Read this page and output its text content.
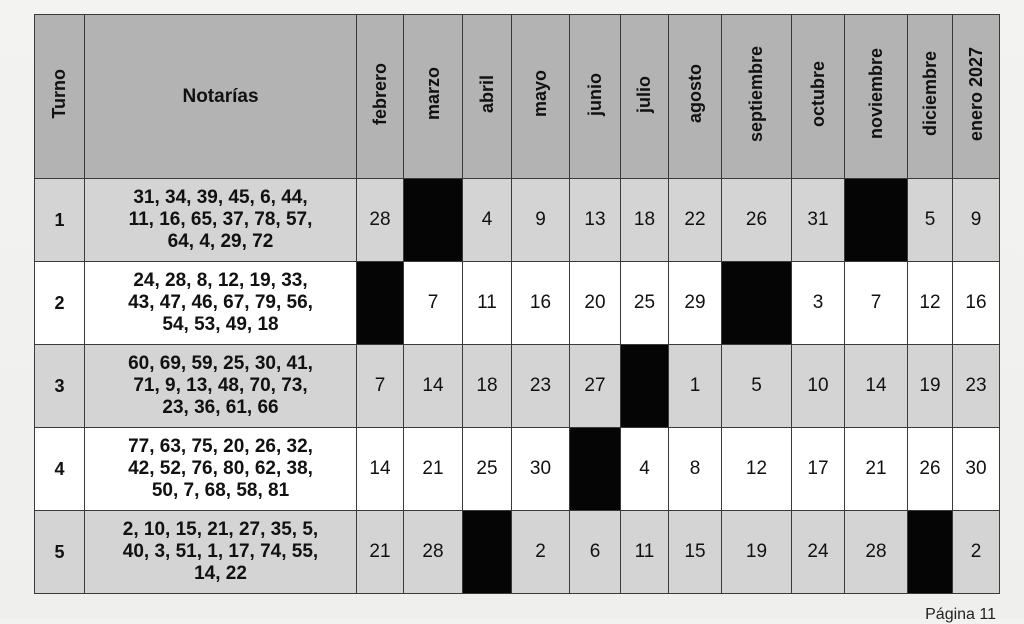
Turno	Notarías	febrero	marzo	abril	mayo	junio	julio	agosto	septiembre	octubre	noviembre	diciembre	enero 2027
1	31, 34, 39, 45, 6, 44,
11, 16, 65, 37, 78, 57,
64, 4, 29, 72	28		4	9	13	18	22	26	31		5	9
2	24, 28, 8, 12, 19, 33,
43, 47, 46, 67, 79, 56,
54, 53, 49, 18		7	11	16	20	25	29		3	7	12	16
3	60, 69, 59, 25, 30, 41,
71, 9, 13, 48, 70, 73,
23, 36, 61, 66	7	14	18	23	27		1	5	10	14	19	23
4	77, 63, 75, 20, 26, 32,
42, 52, 76, 80, 62, 38,
50, 7, 68, 58, 81	14	21	25	30		4	8	12	17	21	26	30
5	2, 10, 15, 21, 27, 35, 5,
40, 3, 51, 1, 17, 74, 55,
14, 22	21	28		2	6	11	15	19	24	28		2
Página 11
